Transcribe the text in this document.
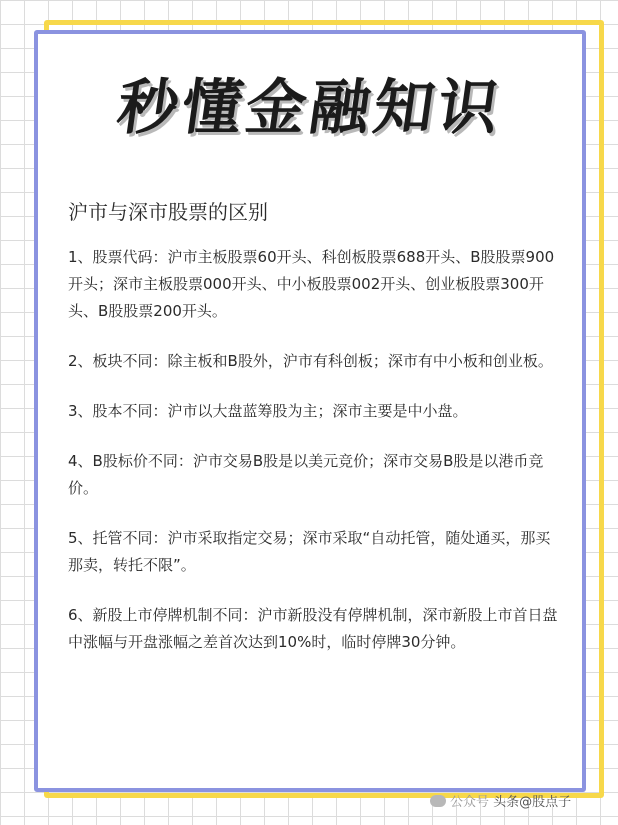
秒懂金融知识
沪市与深市股票的区别
1、股票代码：沪市主板股票60开头、科创板股票688开头、B股股票900开头；深市主板股票000开头、中小板股票002开头、创业板股票300开头、B股股票200开头。
2、板块不同：除主板和B股外，沪市有科创板；深市有中小板和创业板。
3、股本不同：沪市以大盘蓝筹股为主；深市主要是中小盘。
4、B股标价不同：沪市交易B股是以美元竞价；深市交易B股是以港币竞价。
5、托管不同：沪市采取指定交易；深市采取“自动托管，随处通买，那买那卖，转托不限”。
6、新股上市停牌机制不同：沪市新股没有停牌机制，深市新股上市首日盘中涨幅与开盘涨幅之差首次达到10%时，临时停牌30分钟。
公众号 头条@股点子
